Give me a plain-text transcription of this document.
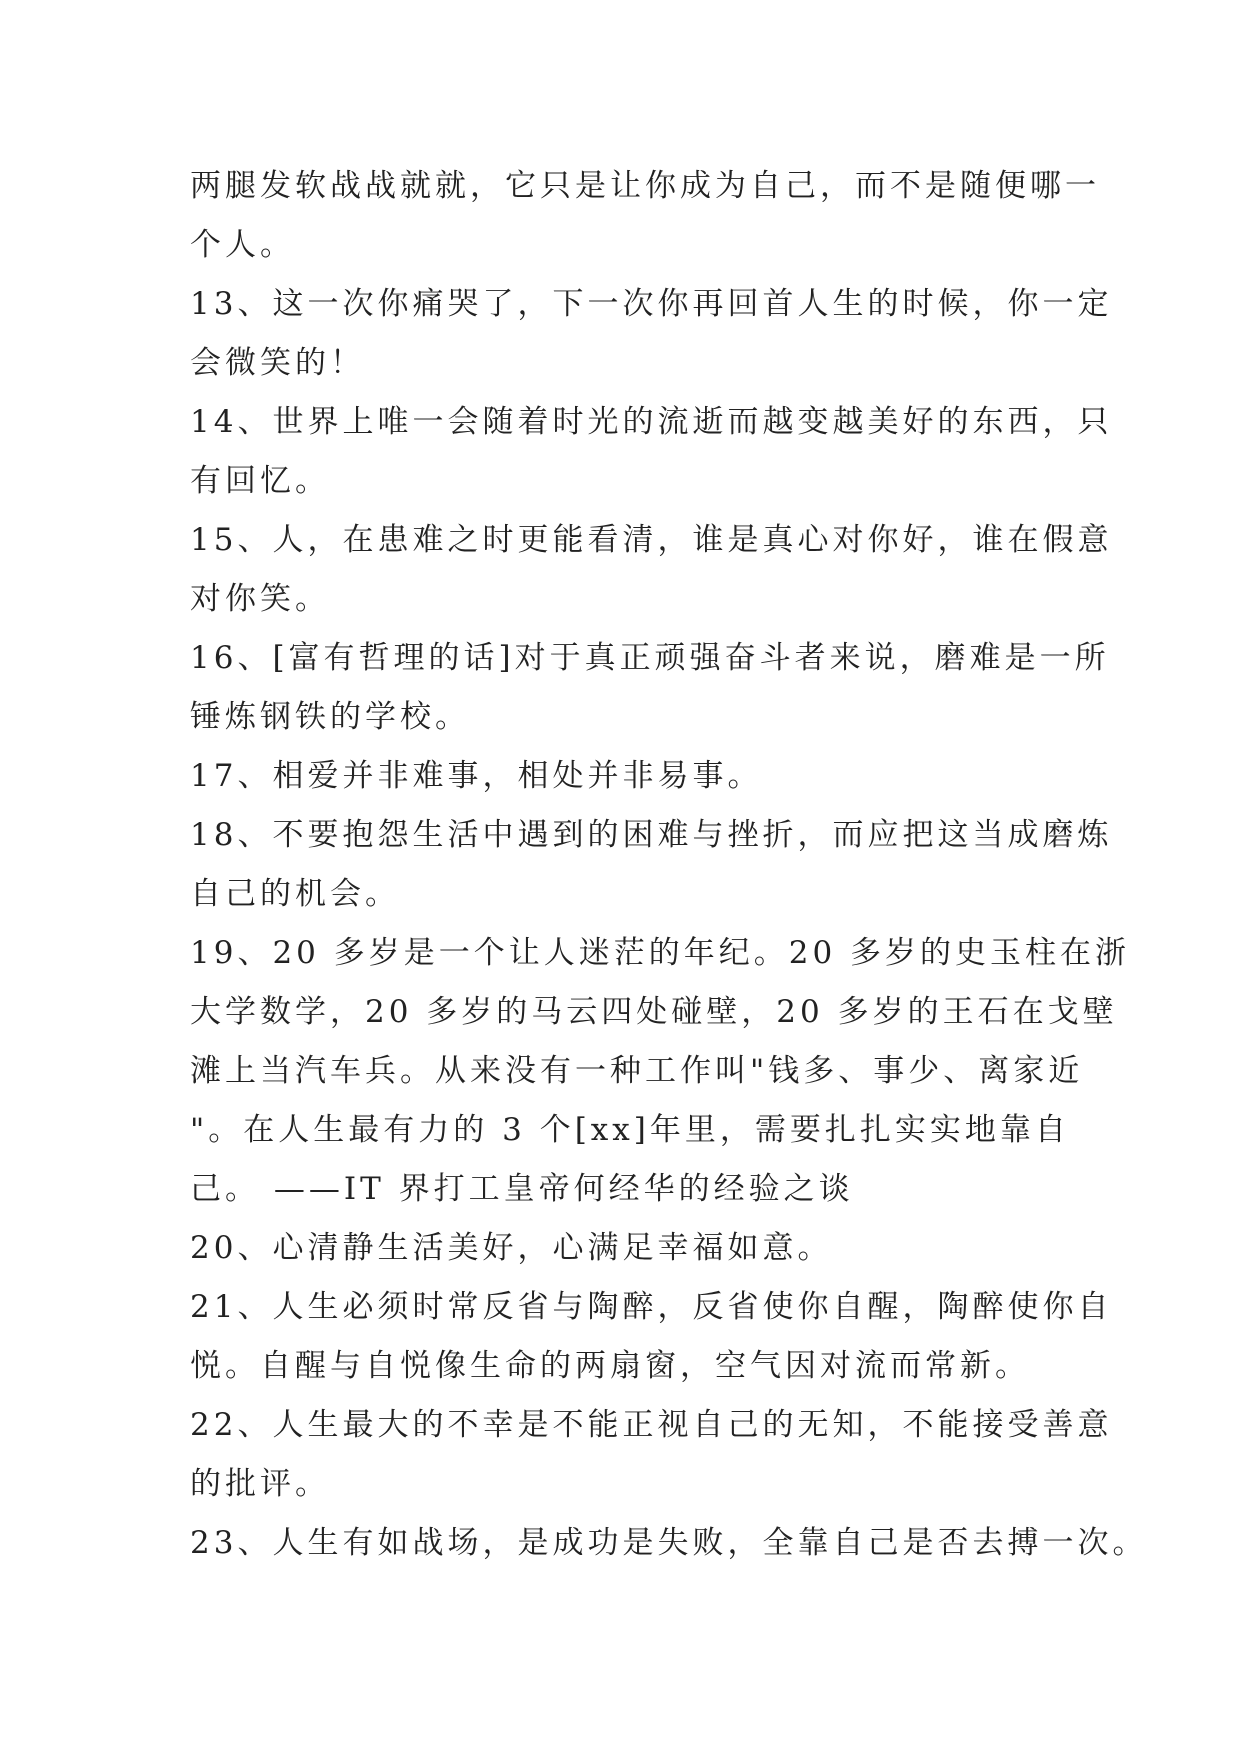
两腿发软战战就就，它只是让你成为自己，而不是随便哪一
个人。
13、这一次你痛哭了，下一次你再回首人生的时候，你一定
会微笑的！
14、世界上唯一会随着时光的流逝而越变越美好的东西，只
有回忆。
15、人，在患难之时更能看清，谁是真心对你好，谁在假意
对你笑。
16、[富有哲理的话]对于真正顽强奋斗者来说，磨难是一所
锤炼钢铁的学校。
17、相爱并非难事，相处并非易事。
18、不要抱怨生活中遇到的困难与挫折，而应把这当成磨炼
自己的机会。
19、20 多岁是一个让人迷茫的年纪。20 多岁的史玉柱在浙
大学数学，20 多岁的马云四处碰壁，20 多岁的王石在戈壁
滩上当汽车兵。从来没有一种工作叫"钱多、事少、离家近
"。在人生最有力的 3 个[xx]年里，需要扎扎实实地靠自
己。 ——IT 界打工皇帝何经华的经验之谈
20、心清静生活美好，心满足幸福如意。
21、人生必须时常反省与陶醉，反省使你自醒，陶醉使你自
悦。自醒与自悦像生命的两扇窗，空气因对流而常新。
22、人生最大的不幸是不能正视自己的无知，不能接受善意
的批评。
23、人生有如战场，是成功是失败，全靠自己是否去搏一次。
